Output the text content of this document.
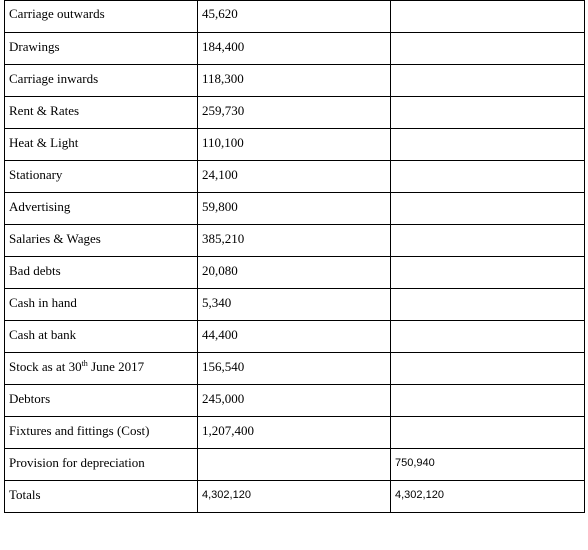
Carriage outwards	45,620	

Drawings	184,400	

Carriage inwards	118,300	

Rent & Rates	259,730	

Heat & Light	110,100	

Stationary	24,100	

Advertising	59,800	

Salaries & Wages	385,210	

Bad debts	20,080	

Cash in hand	5,340	

Cash at bank	44,400	

Stock as at 30th June 2017	156,540	

Debtors	245,000	

Fixtures and fittings (Cost)	1,207,400	

Provision for depreciation		750,940

Totals	4,302,120	4,302,120
